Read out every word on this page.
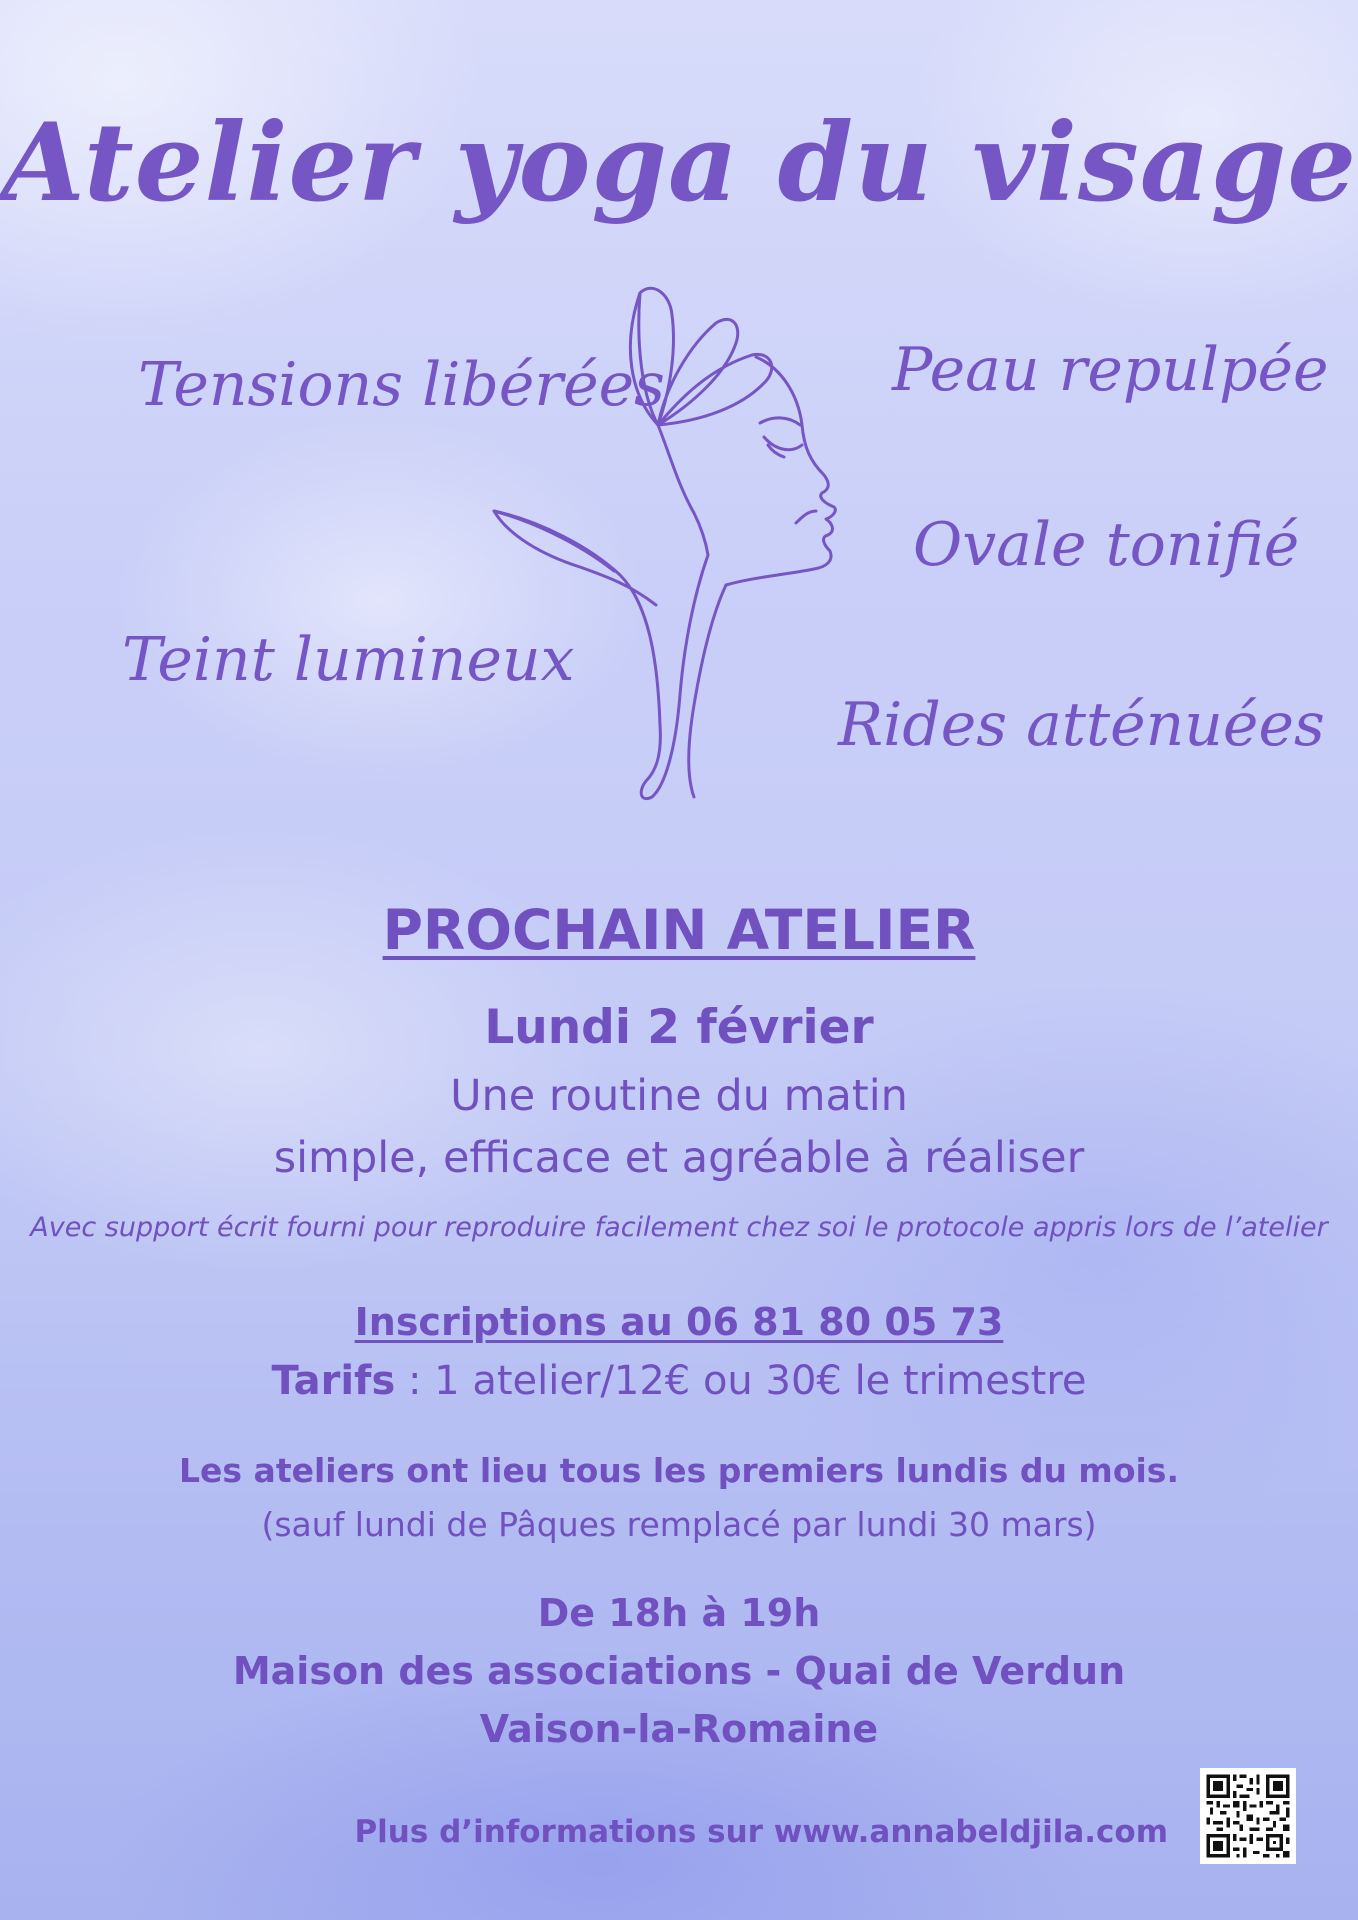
Atelier yoga du visage
Tensions libérées	Peau repulpée
Ovale tonifié
Teint lumineux
Rides atténuées
PROCHAIN ATELIER
Lundi 2 février
Une routine du matin
simple, efficace et agréable à réaliser
Avec support écrit fourni pour reproduire facilement chez soi le protocole appris lors de l’atelier
Inscriptions au 06 81 80 05 73
Tarifs : 1 atelier/12€ ou 30€ le trimestre
Les ateliers ont lieu tous les premiers lundis du mois.
(sauf lundi de Pâques remplacé par lundi 30 mars)
De 18h à 19h
Maison des associations - Quai de Verdun
Vaison-la-Romaine
Plus d’informations sur www.annabeldjila.com
